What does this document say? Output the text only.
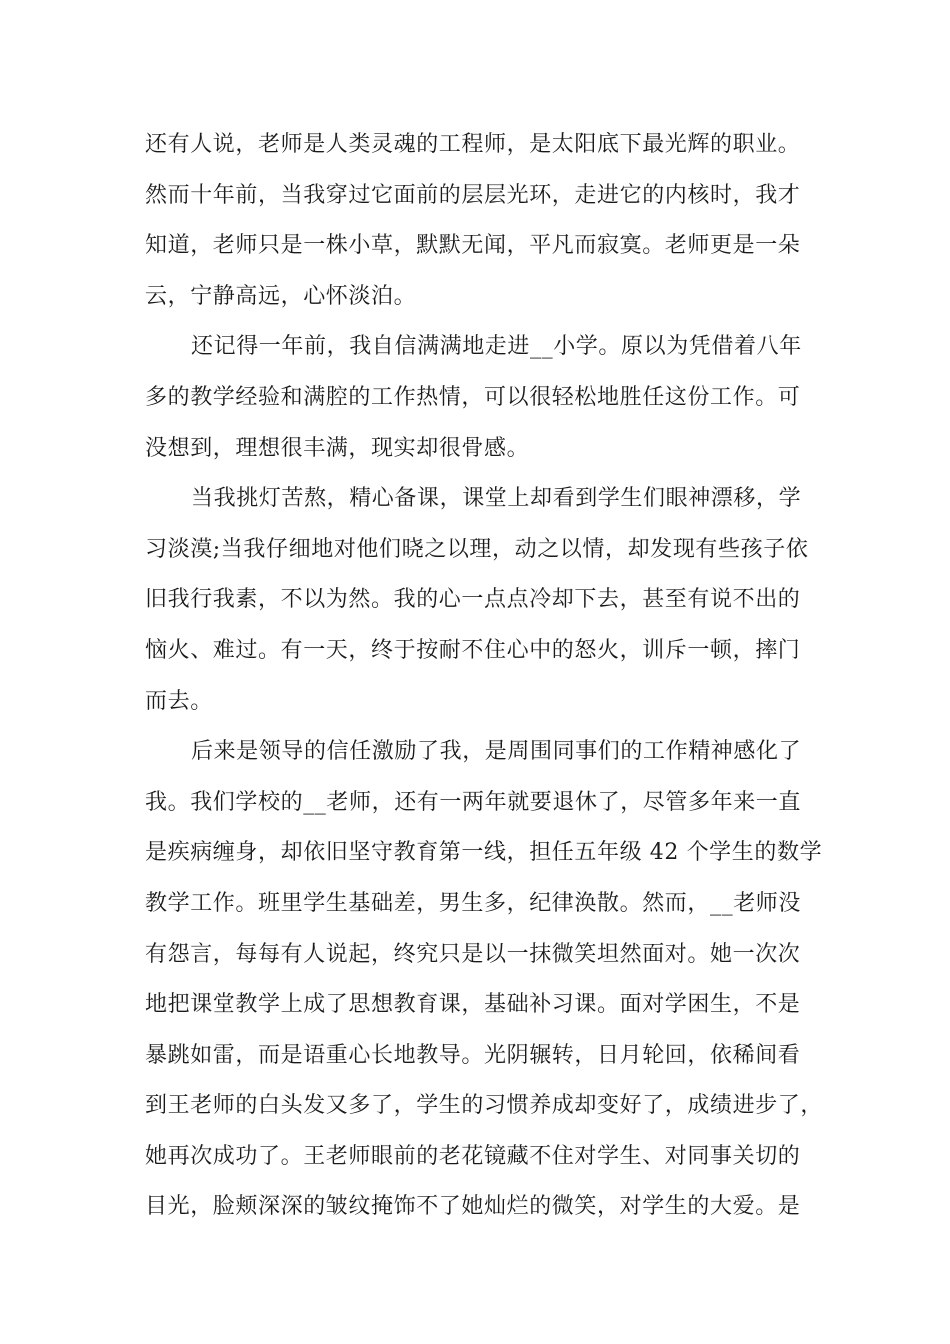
还有人说，老师是人类灵魂的工程师，是太阳底下最光辉的职业。
然而十年前，当我穿过它面前的层层光环，走进它的内核时，我才
知道，老师只是一株小草，默默无闻，平凡而寂寞。老师更是一朵
云，宁静高远，心怀淡泊。
还记得一年前，我自信满满地走进__小学。原以为凭借着八年
多的教学经验和满腔的工作热情，可以很轻松地胜任这份工作。可
没想到，理想很丰满，现实却很骨感。
当我挑灯苦熬，精心备课，课堂上却看到学生们眼神漂移，学
习淡漠;当我仔细地对他们晓之以理，动之以情，却发现有些孩子依
旧我行我素，不以为然。我的心一点点冷却下去，甚至有说不出的
恼火、难过。有一天，终于按耐不住心中的怒火，训斥一顿，摔门
而去。
后来是领导的信任激励了我，是周围同事们的工作精神感化了
我。我们学校的__老师，还有一两年就要退休了，尽管多年来一直
是疾病缠身，却依旧坚守教育第一线，担任五年级 42 个学生的数学
教学工作。班里学生基础差，男生多，纪律涣散。然而，__老师没
有怨言，每每有人说起，终究只是以一抹微笑坦然面对。她一次次
地把课堂教学上成了思想教育课，基础补习课。面对学困生，不是
暴跳如雷，而是语重心长地教导。光阴辗转，日月轮回，依稀间看
到王老师的白头发又多了，学生的习惯养成却变好了，成绩进步了，
她再次成功了。王老师眼前的老花镜藏不住对学生、对同事关切的
目光，脸颊深深的皱纹掩饰不了她灿烂的微笑，对学生的大爱。是
